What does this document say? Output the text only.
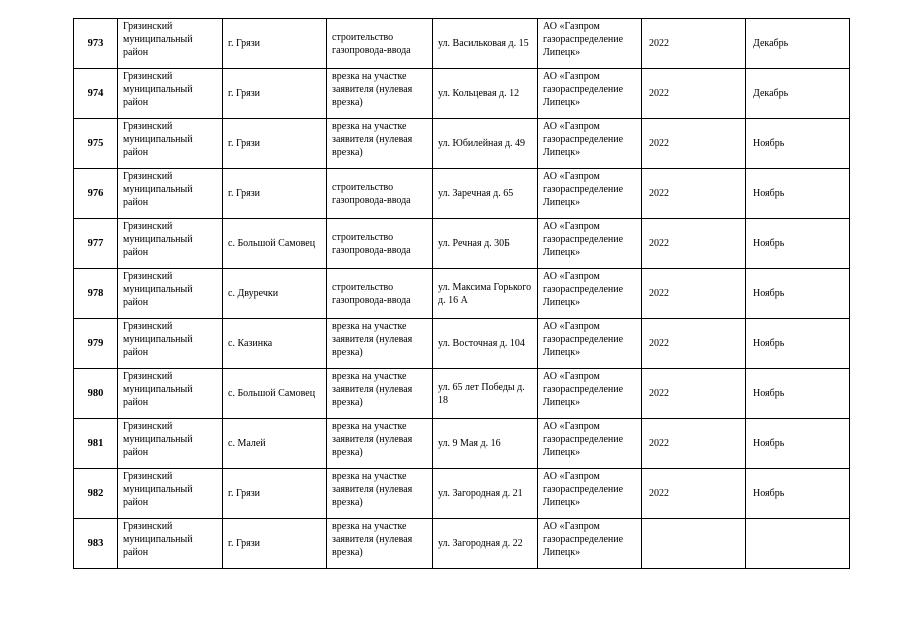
973	Грязинский муниципальный район	г. Грязи	строительство газопровода-ввода	ул. Васильковая д. 15	АО «Газпром газораспределение Липецк»	2022	Декабрь
974	Грязинский муниципальный район	г. Грязи	врезка на участке заявителя (нулевая врезка)	ул. Кольцевая д. 12	АО «Газпром газораспределение Липецк»	2022	Декабрь
975	Грязинский муниципальный район	г. Грязи	врезка на участке заявителя (нулевая врезка)	ул. Юбилейная д. 49	АО «Газпром газораспределение Липецк»	2022	Ноябрь
976	Грязинский муниципальный район	г. Грязи	строительство газопровода-ввода	ул. Заречная д. 65	АО «Газпром газораспределение Липецк»	2022	Ноябрь
977	Грязинский муниципальный район	с. Большой Самовец	строительство газопровода-ввода	ул. Речная д. 30Б	АО «Газпром газораспределение Липецк»	2022	Ноябрь
978	Грязинский муниципальный район	с. Двуречки	строительство газопровода-ввода	ул. Максима Горького д. 16 А	АО «Газпром газораспределение Липецк»	2022	Ноябрь
979	Грязинский муниципальный район	с. Казинка	врезка на участке заявителя (нулевая врезка)	ул. Восточная д. 104	АО «Газпром газораспределение Липецк»	2022	Ноябрь
980	Грязинский муниципальный район	с. Большой Самовец	врезка на участке заявителя (нулевая врезка)	ул. 65 лет Победы д. 18	АО «Газпром газораспределение Липецк»	2022	Ноябрь
981	Грязинский муниципальный район	с. Малей	врезка на участке заявителя (нулевая врезка)	ул. 9 Мая д. 16	АО «Газпром газораспределение Липецк»	2022	Ноябрь
982	Грязинский муниципальный район	г. Грязи	врезка на участке заявителя (нулевая врезка)	ул. Загородная д. 21	АО «Газпром газораспределение Липецк»	2022	Ноябрь
983	Грязинский муниципальный район	г. Грязи	врезка на участке заявителя (нулевая врезка)	ул. Загородная д. 22	АО «Газпром газораспределение Липецк»		
